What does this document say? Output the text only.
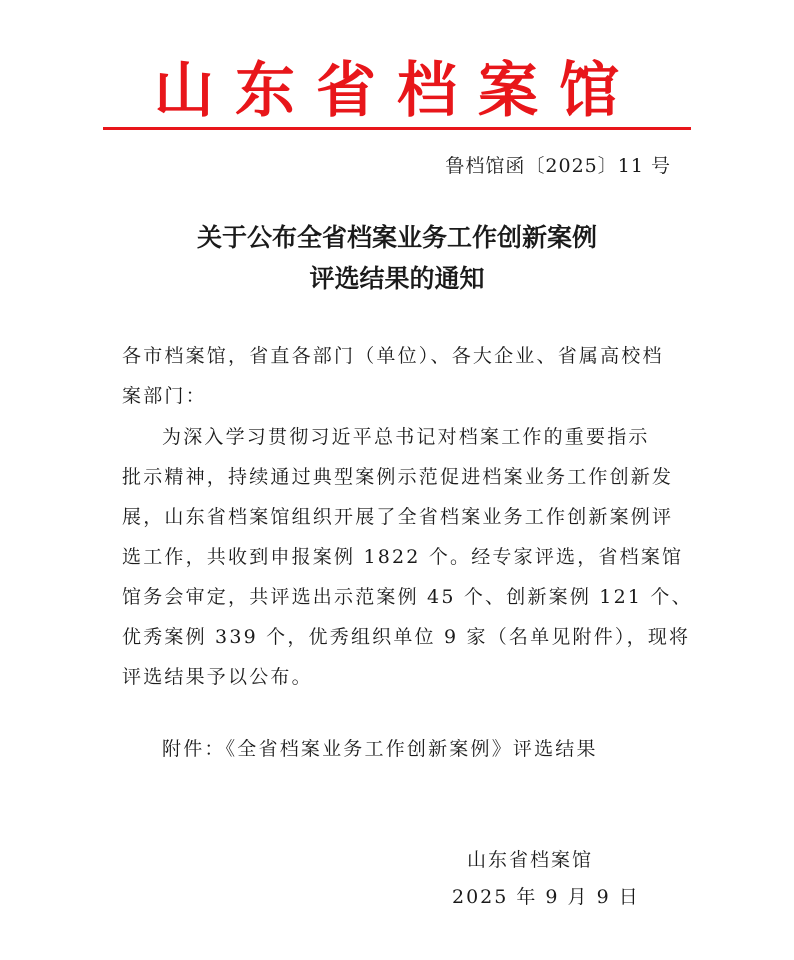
山东省档案馆
鲁档馆函〔2025〕11 号
关于公布全省档案业务工作创新案例
评选结果的通知
各市档案馆，省直各部门（单位）、各大企业、省属高校档
案部门：
为深入学习贯彻习近平总书记对档案工作的重要指示
批示精神，持续通过典型案例示范促进档案业务工作创新发
展，山东省档案馆组织开展了全省档案业务工作创新案例评
选工作，共收到申报案例 1822 个。经专家评选，省档案馆
馆务会审定，共评选出示范案例 45 个、创新案例 121 个、
优秀案例 339 个，优秀组织单位 9 家（名单见附件），现将
评选结果予以公布。
附件：《全省档案业务工作创新案例》评选结果
山东省档案馆
2025 年 9 月 9 日
